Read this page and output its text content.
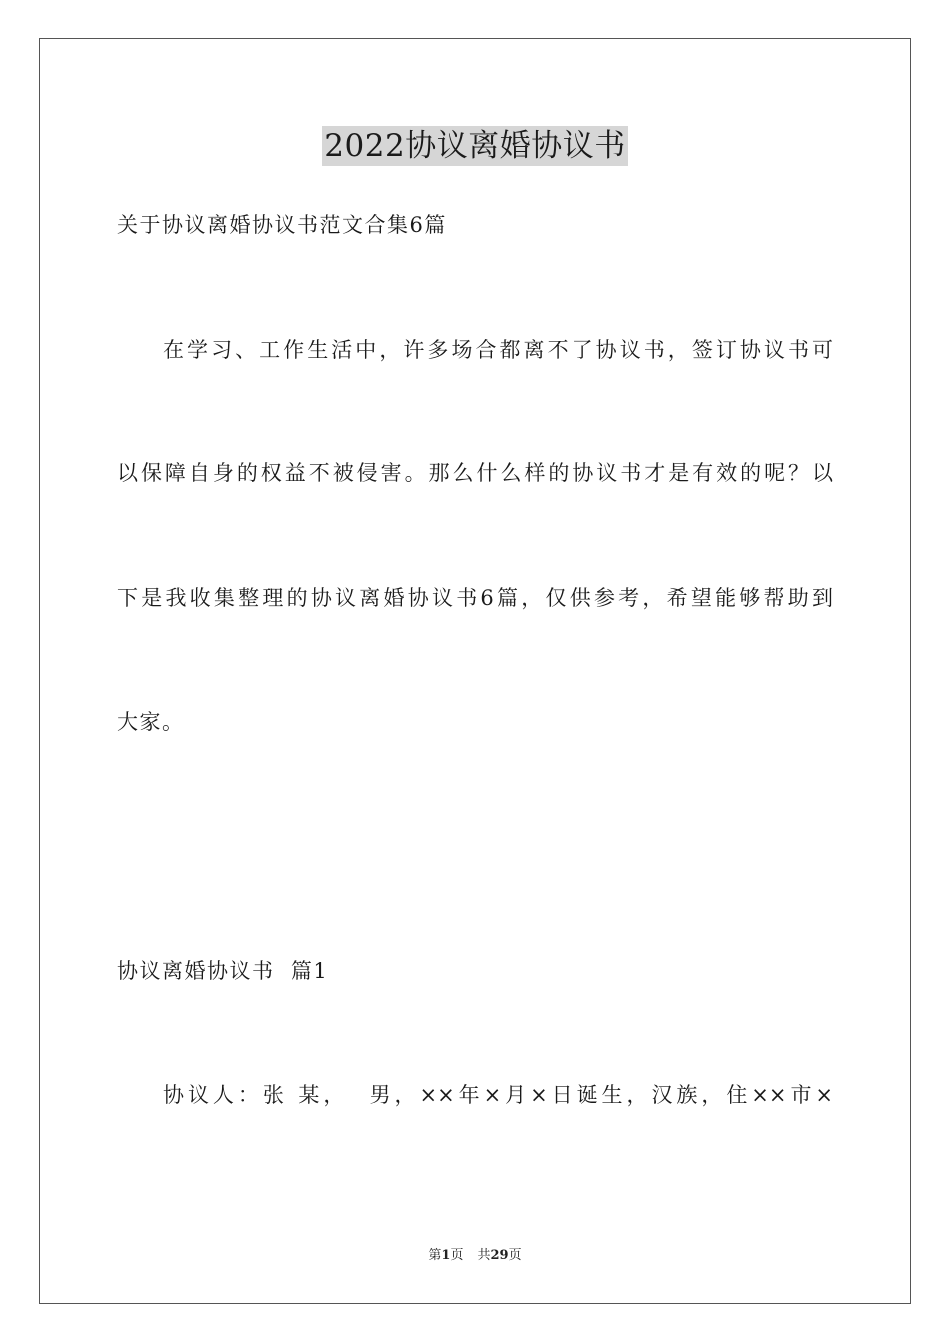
2022协议离婚协议书
关于协议离婚协议书范文合集6篇
在学习、工作生活中，许多场合都离不了协议书，签订协议书可
以保障自身的权益不被侵害。那么什么样的协议书才是有效的呢？以
下是我收集整理的协议离婚协议书6篇，仅供参考，希望能够帮助到
大家。
协议离婚协议书  篇1
协议人：张 某，  男，××年×月×日诞生，汉族，住××市×
第1页 共29页
